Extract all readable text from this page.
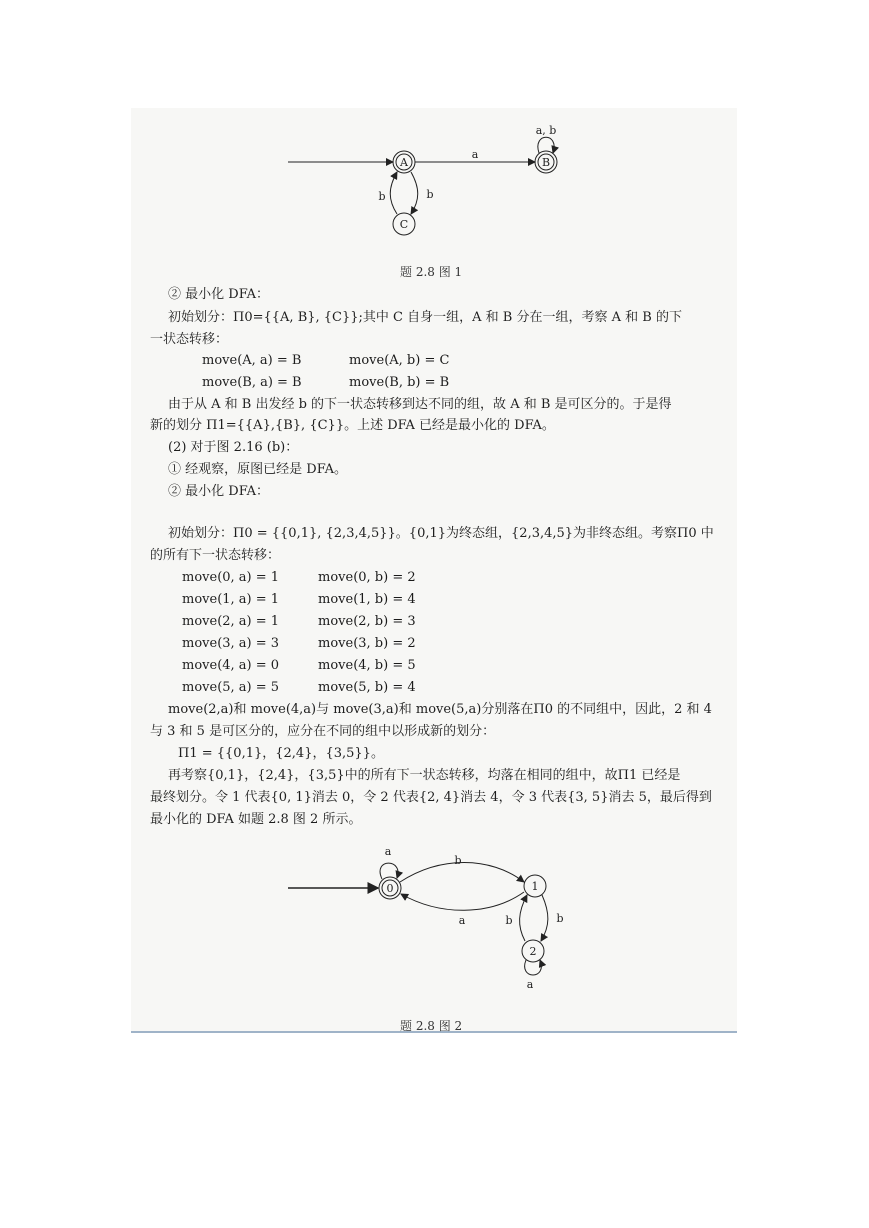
A
a
B
a, b
C
b
b
题 2.8 图 1
② 最小化 DFA：
初始划分：Π0={{A, B}, {C}};其中 C 自身一组，A 和 B 分在一组，考察 A 和 B 的下
一状态转移：
move(A, a) = B	move(A, b) = C
move(B, a) = B	move(B, b) = B
由于从 A 和 B 出发经 b 的下一状态转移到达不同的组，故 A 和 B 是可区分的。于是得
新的划分 Π1={{A},{B}, {C}}。上述 DFA 已经是最小化的 DFA。
(2) 对于图 2.16 (b)：
① 经观察，原图已经是 DFA。
② 最小化 DFA：
初始划分：Π0 = {{0,1}, {2,3,4,5}}。{0,1}为终态组，{2,3,4,5}为非终态组。考察Π0 中
的所有下一状态转移：
move(0, a) = 1	move(0, b) = 2
move(1, a) = 1	move(1, b) = 4
move(2, a) = 1	move(2, b) = 3
move(3, a) = 3	move(3, b) = 2
move(4, a) = 0	move(4, b) = 5
move(5, a) = 5	move(5, b) = 4
move(2,a)和 move(4,a)与 move(3,a)和 move(5,a)分别落在Π0 的不同组中，因此，2 和 4
与 3 和 5 是可区分的，应分在不同的组中以形成新的划分：
Π1 = {{0,1}，{2,4}，{3,5}}。
再考察{0,1}，{2,4}，{3,5}中的所有下一状态转移，均落在相同的组中，故Π1 已经是
最终划分。令 1 代表{0, 1}消去 0，令 2 代表{2, 4}消去 4，令 3 代表{3, 5}消去 5，最后得到
最小化的 DFA 如题 2.8 图 2 所示。
0
a
1
b
a
2
b
b
a
题 2.8 图 2
